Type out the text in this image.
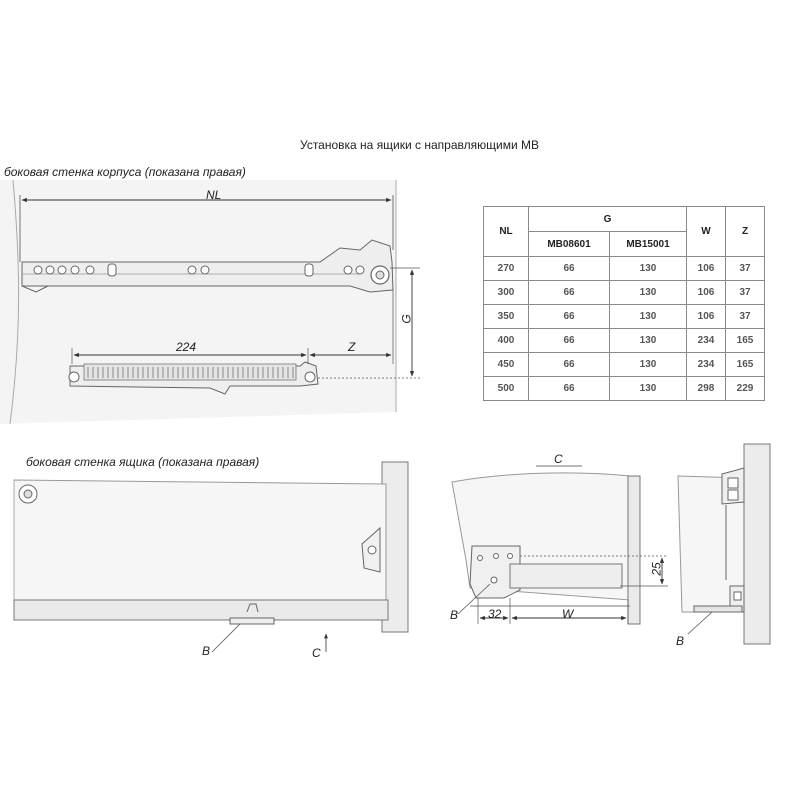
Установка на ящики с направляющими MB
боковая стенка корпуса (показана правая)
боковая стенка ящика (показана правая)
NL
G
224	Z
C
C
B
B
B
25
32	W
NL	G		W	Z
	MB08601	MB15001		
270	66	130	106	37
300	66	130	106	37
350	66	130	106	37
400	66	130	234	165
450	66	130	234	165
500	66	130	298	229
